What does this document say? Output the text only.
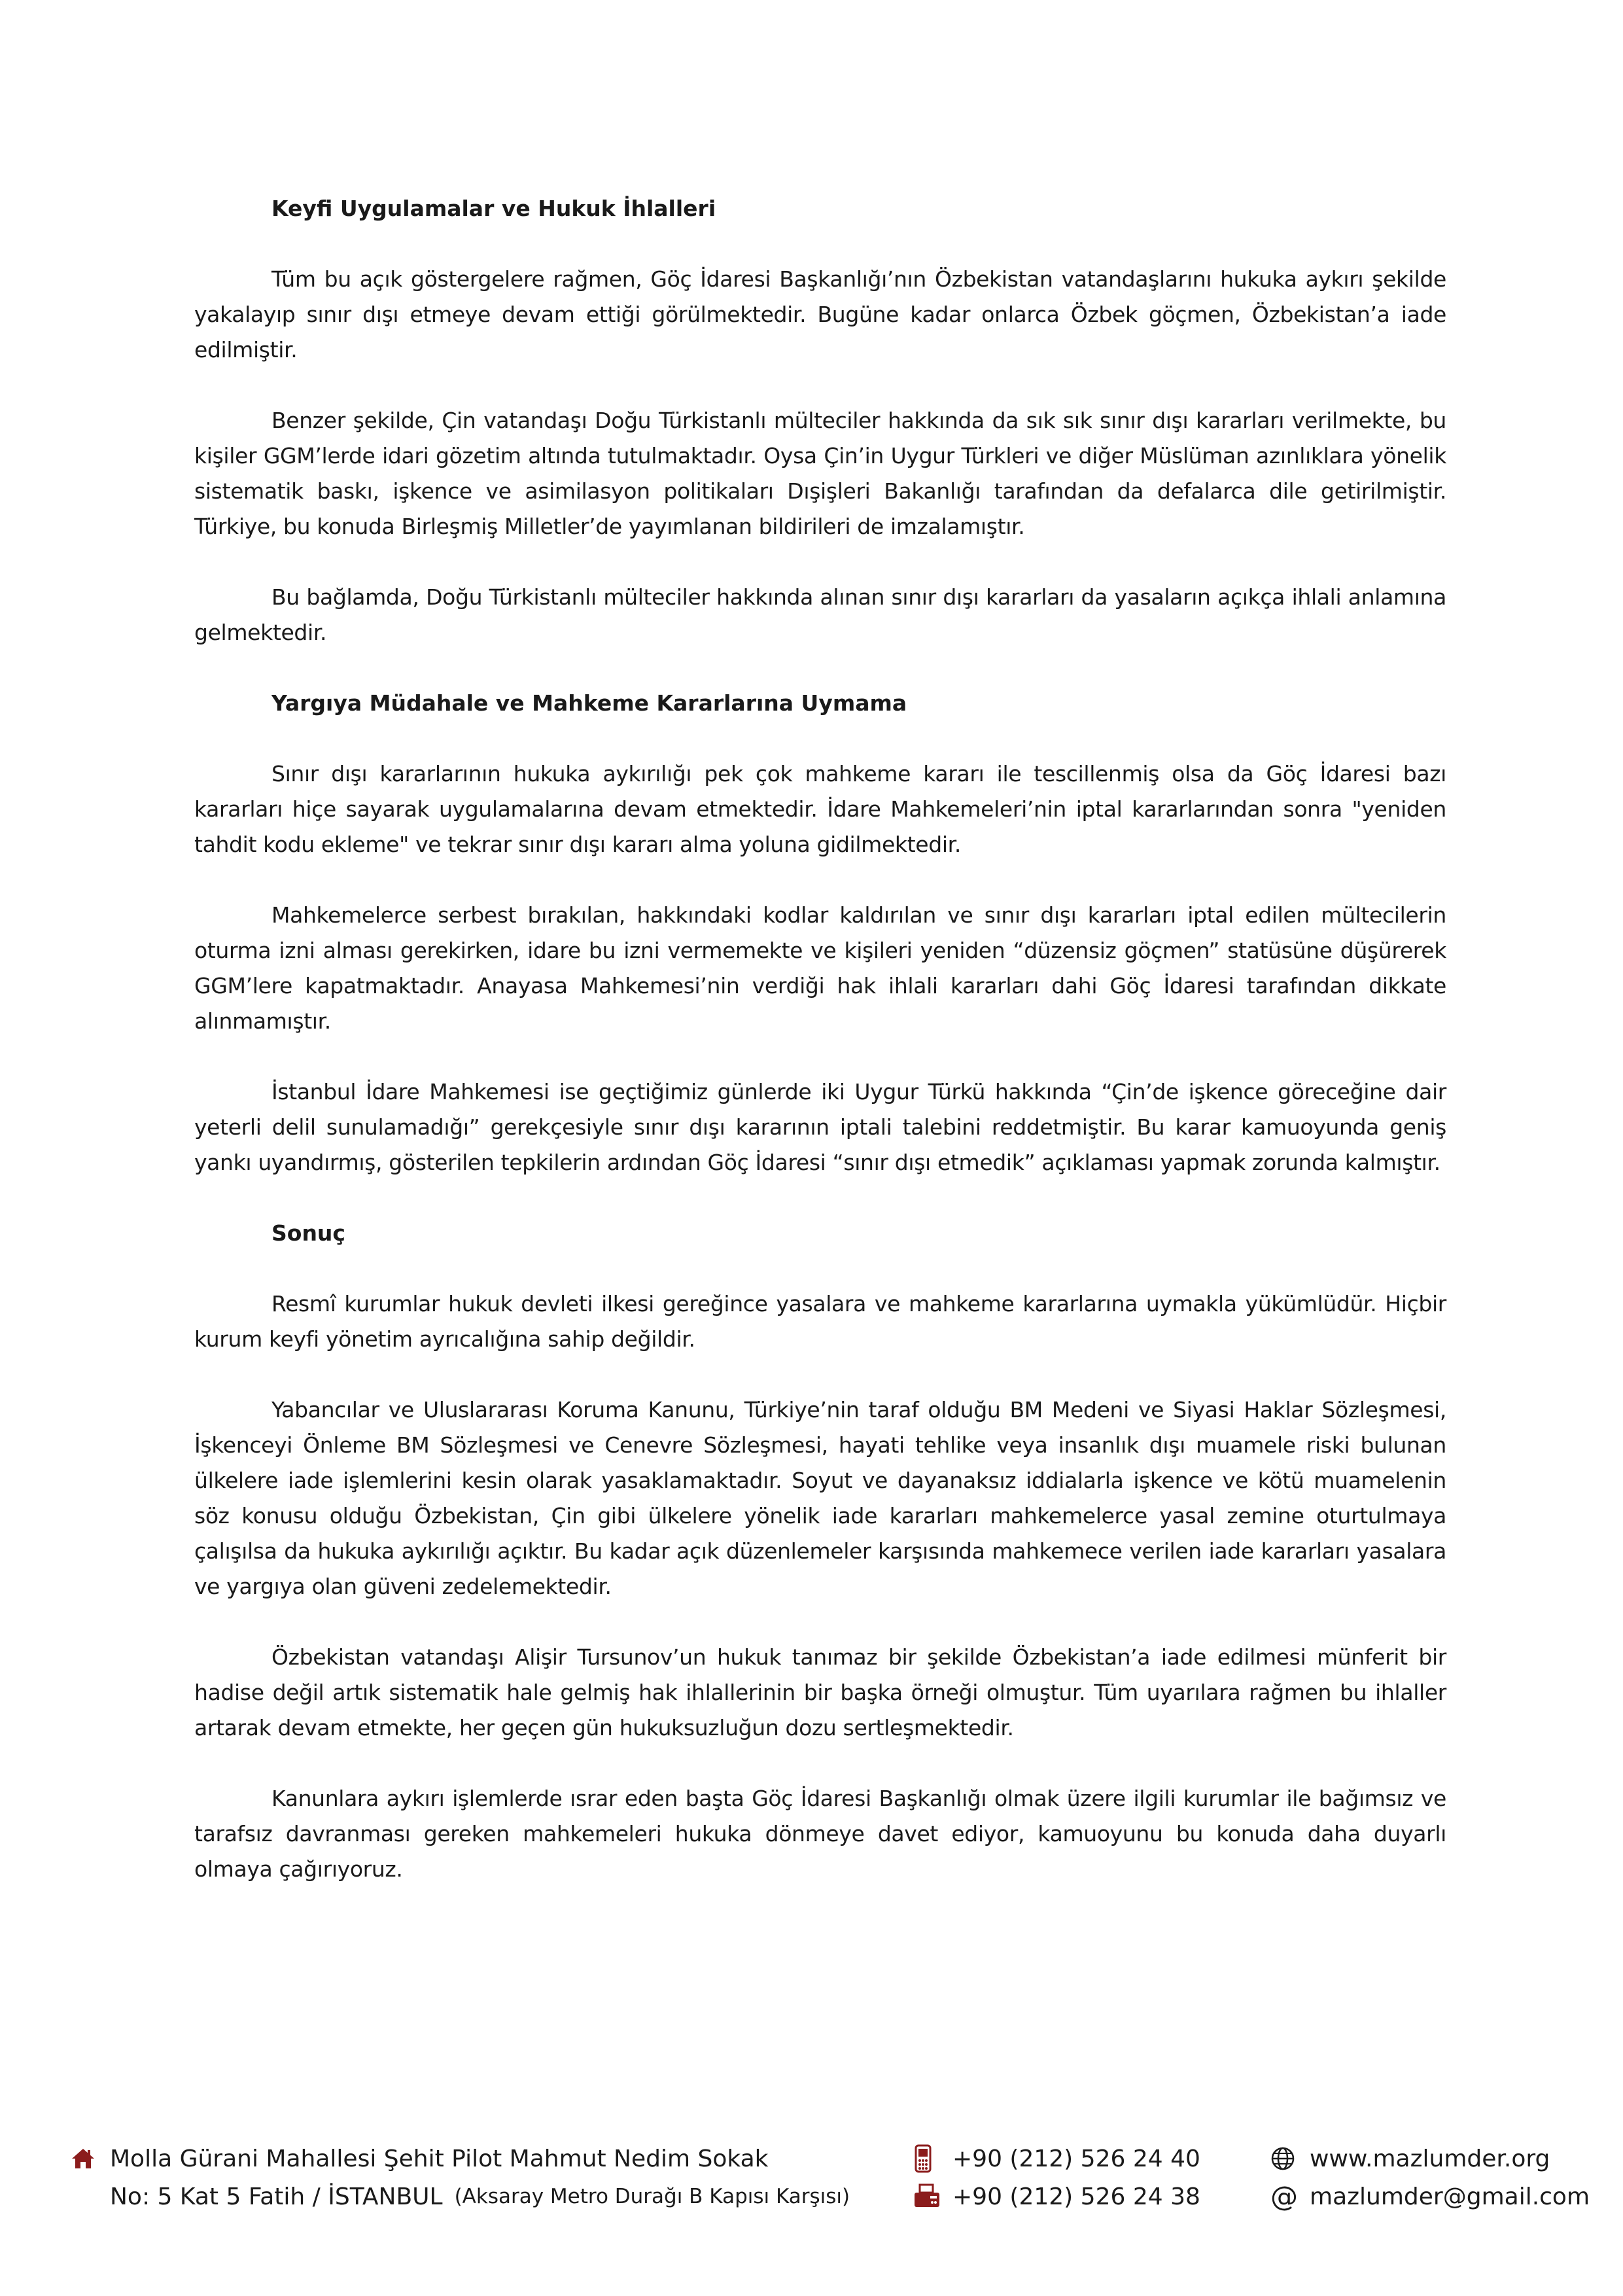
Keyfi Uygulamalar ve Hukuk İhlalleri

Tüm bu açık göstergelere rağmen, Göç İdaresi Başkanlığı’nın Özbekistan vatandaşlarını hukuka aykırı şekilde yakalayıp sınır dışı etmeye devam ettiği görülmektedir. Bugüne kadar onlarca Özbek göçmen, Özbekistan’a iade edilmiştir.

Benzer şekilde, Çin vatandaşı Doğu Türkistanlı mülteciler hakkında da sık sık sınır dışı kararları verilmekte, bu kişiler GGM’lerde idari gözetim altında tutulmaktadır. Oysa Çin’in Uygur Türkleri ve diğer Müslüman azınlıklara yönelik sistematik baskı, işkence ve asimilasyon politikaları Dışişleri Bakanlığı tarafından da defalarca dile getirilmiştir. Türkiye, bu konuda Birleşmiş Milletler’de yayımlanan bildirileri de imzalamıştır.

Bu bağlamda, Doğu Türkistanlı mülteciler hakkında alınan sınır dışı kararları da yasaların açıkça ihlali anlamına gelmektedir.

Yargıya Müdahale ve Mahkeme Kararlarına Uymama

Sınır dışı kararlarının hukuka aykırılığı pek çok mahkeme kararı ile tescillenmiş olsa da Göç İdaresi bazı kararları hiçe sayarak uygulamalarına devam etmektedir. İdare Mahkemeleri’nin iptal kararlarından sonra "yeniden tahdit kodu ekleme" ve tekrar sınır dışı kararı alma yoluna gidilmektedir.

Mahkemelerce serbest bırakılan, hakkındaki kodlar kaldırılan ve sınır dışı kararları iptal edilen mültecilerin oturma izni alması gerekirken, idare bu izni vermemekte ve kişileri yeniden “düzensiz göçmen” statüsüne düşürerek GGM’lere kapatmaktadır. Anayasa Mahkemesi’nin verdiği hak ihlali kararları dahi Göç İdaresi tarafından dikkate alınmamıştır.

İstanbul İdare Mahkemesi ise geçtiğimiz günlerde iki Uygur Türkü hakkında “Çin’de işkence göreceğine dair yeterli delil sunulamadığı” gerekçesiyle sınır dışı kararının iptali talebini reddetmiştir. Bu karar kamuoyunda geniş yankı uyandırmış, gösterilen tepkilerin ardından Göç İdaresi “sınır dışı etmedik” açıklaması yapmak zorunda kalmıştır.

Sonuç

Resmî kurumlar hukuk devleti ilkesi gereğince yasalara ve mahkeme kararlarına uymakla yükümlüdür. Hiçbir kurum keyfi yönetim ayrıcalığına sahip değildir.

Yabancılar ve Uluslararası Koruma Kanunu, Türkiye’nin taraf olduğu BM Medeni ve Siyasi Haklar Sözleşmesi, İşkenceyi Önleme BM Sözleşmesi ve Cenevre Sözleşmesi, hayati tehlike veya insanlık dışı muamele riski bulunan ülkelere iade işlemlerini kesin olarak yasaklamaktadır. Soyut ve dayanaksız iddialarla işkence ve kötü muamelenin söz konusu olduğu Özbekistan, Çin gibi ülkelere yönelik iade kararları mahkemelerce yasal zemine oturtulmaya çalışılsa da hukuka aykırılığı açıktır. Bu kadar açık düzenlemeler karşısında mahkemece verilen iade kararları yasalara ve yargıya olan güveni zedelemektedir.

Özbekistan vatandaşı Alişir Tursunov’un hukuk tanımaz bir şekilde Özbekistan’a iade edilmesi münferit bir hadise değil artık sistematik hale gelmiş hak ihlallerinin bir başka örneği olmuştur. Tüm uyarılara rağmen bu ihlaller artarak devam etmekte, her geçen gün hukuksuzluğun dozu sertleşmektedir.

Kanunlara aykırı işlemlerde ısrar eden başta Göç İdaresi Başkanlığı olmak üzere ilgili kurumlar ile bağımsız ve tarafsız davranması gereken mahkemeleri hukuka dönmeye davet ediyor, kamuoyunu bu konuda daha duyarlı olmaya çağırıyoruz.

Molla Gürani Mahallesi Şehit Pilot Mahmut Nedim Sokak
No: 5 Kat 5 Fatih / İSTANBUL (Aksaray Metro Durağı B Kapısı Karşısı)
+90 (212) 526 24 40
+90 (212) 526 24 38
www.mazlumder.org
@ mazlumder@gmail.com
